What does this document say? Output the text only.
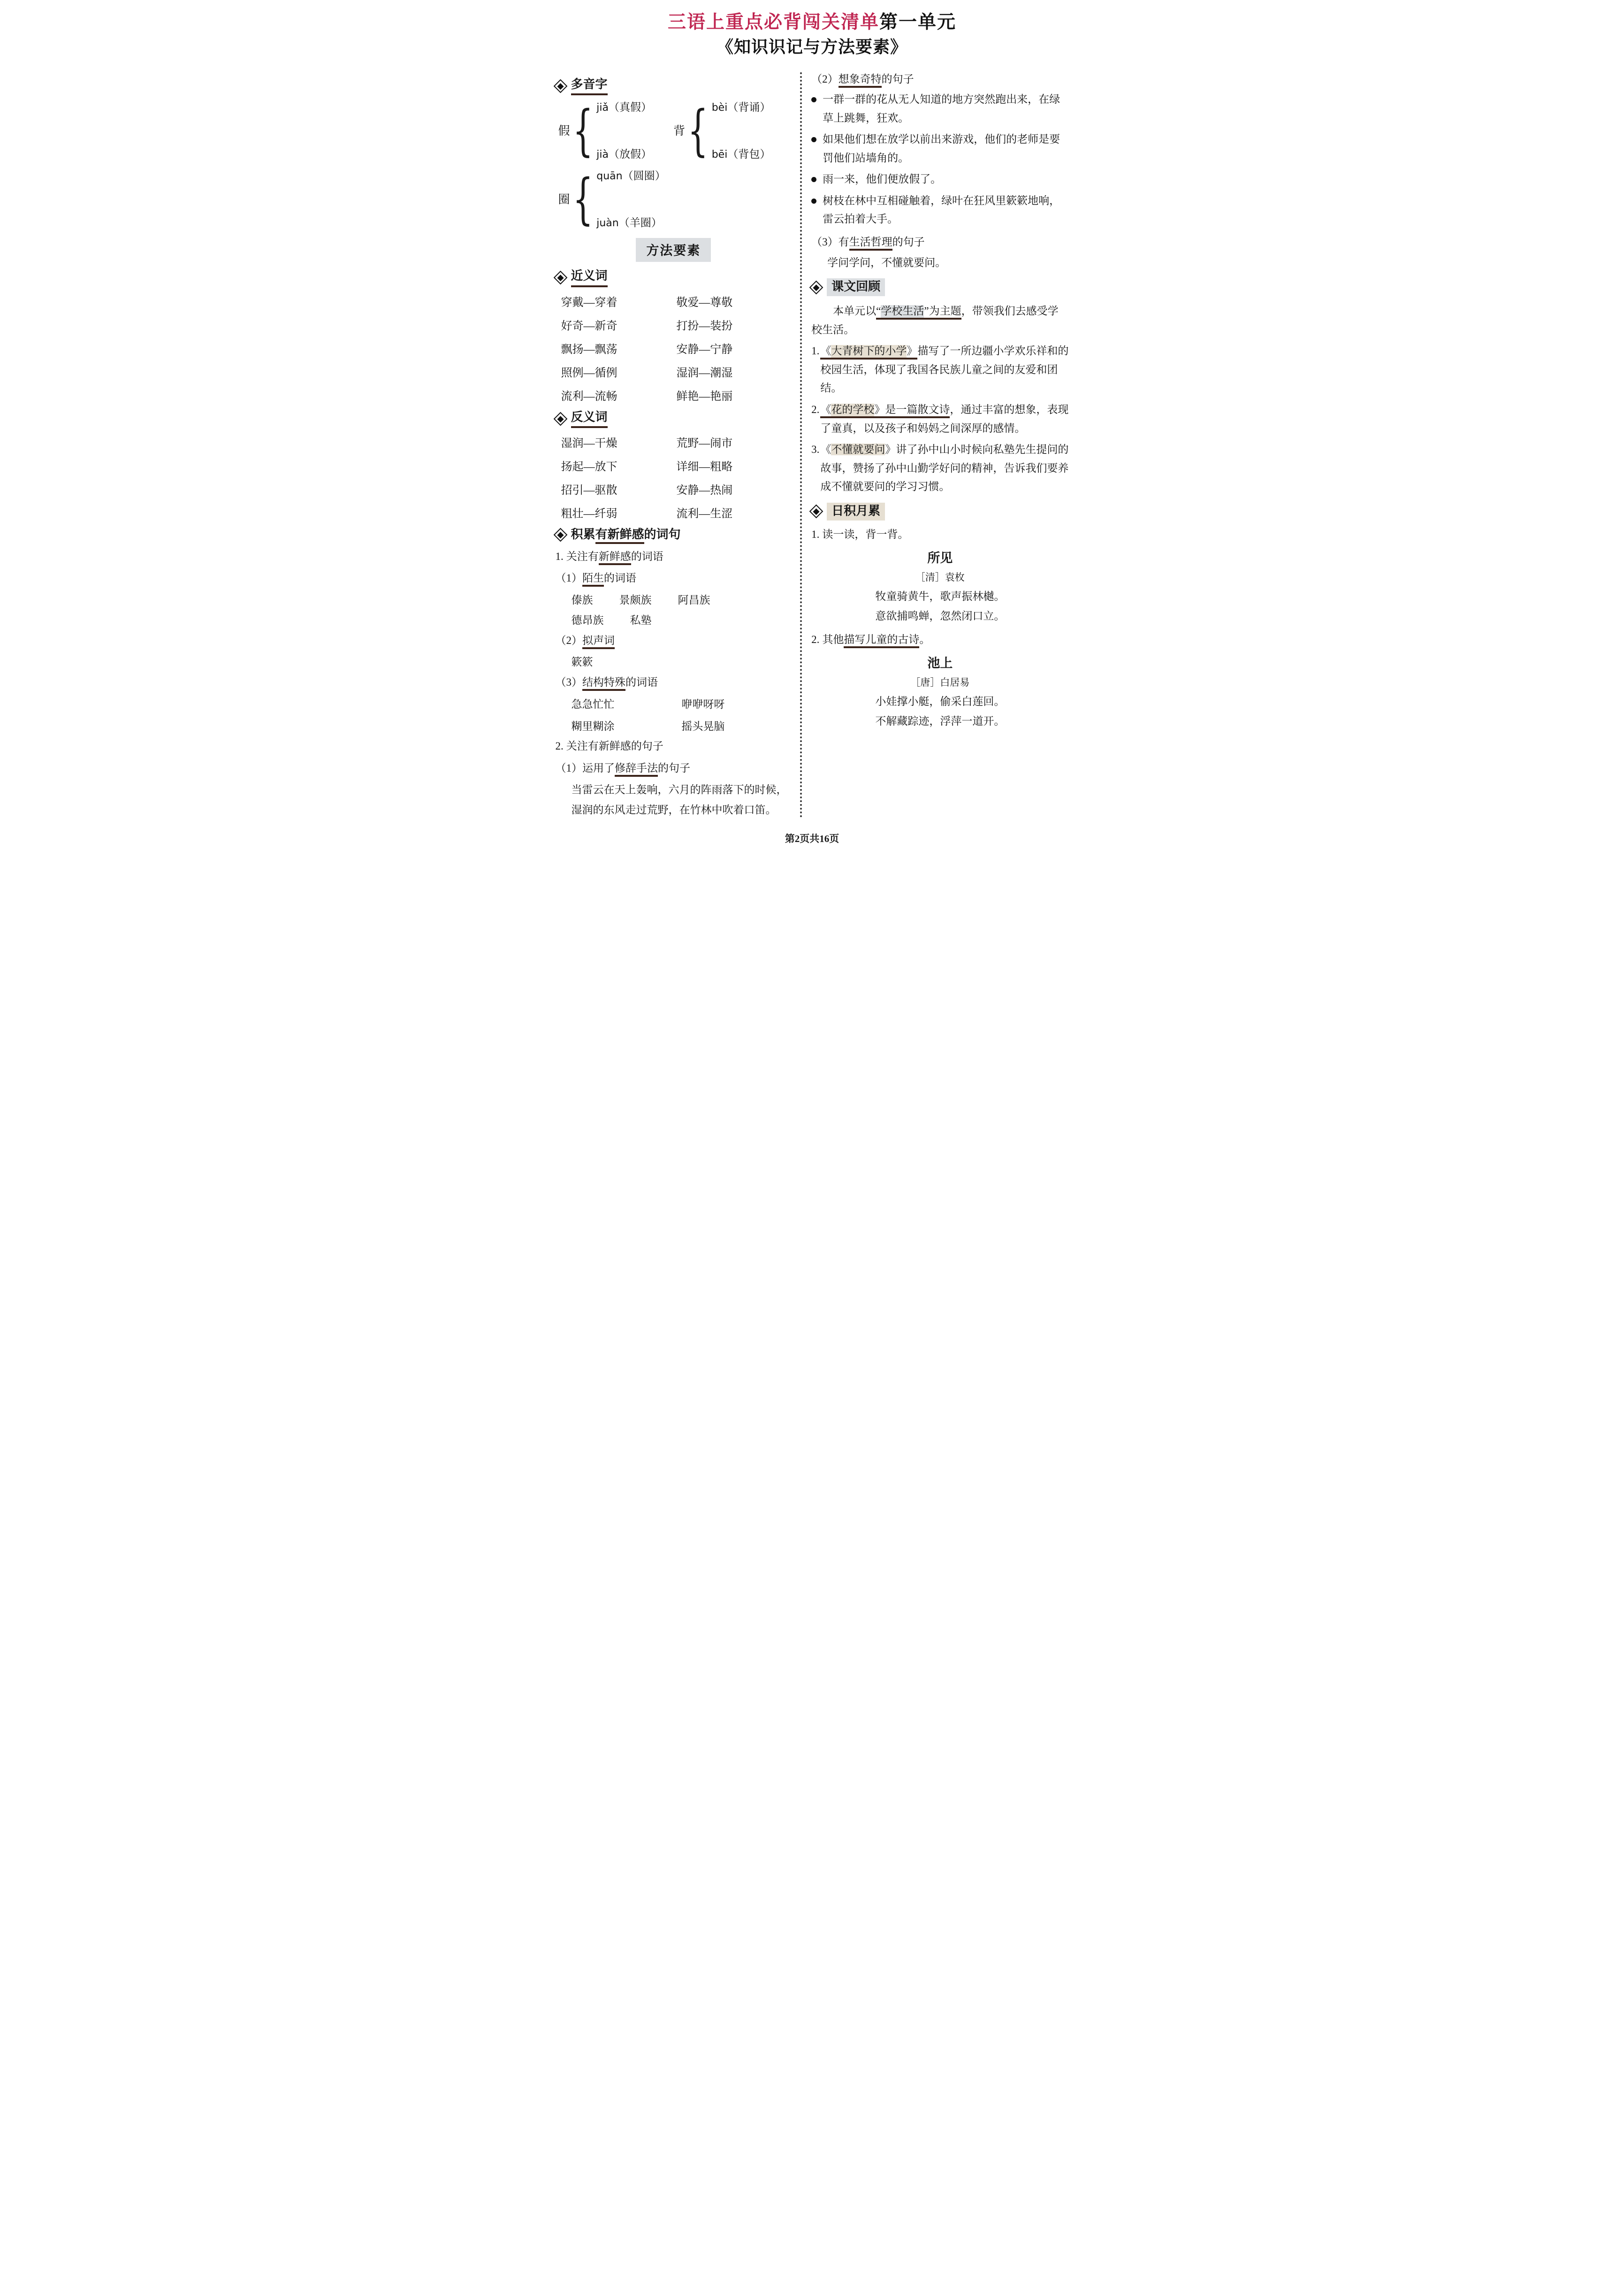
三语上重点必背闯关清单第一单元
《知识识记与方法要素》
多音字
假 { jiǎ（真假）
jià（放假）
背 { bèi（背诵）
bēi（背包）
圈 { quān（圆圈）
juàn（羊圈）
方法要素
近义词
穿戴—穿着	敬爱—尊敬
好奇—新奇	打扮—装扮
飘扬—飘荡	安静—宁静
照例—循例	湿润—潮湿
流利—流畅	鲜艳—艳丽
反义词
湿润—干燥	荒野—闹市
扬起—放下	详细—粗略
招引—驱散	安静—热闹
粗壮—纤弱	流利—生涩
积累有新鲜感的词句
1. 关注有新鲜感的词语
（1） 陌生的词语
傣族 景颇族 阿昌族
德昂族 私塾
（2） 拟声词
簌簌
（3） 结构特殊的词语
急急忙忙	咿咿呀呀
糊里糊涂	摇头晃脑
2. 关注有新鲜感的句子
（1） 运用了修辞手法的句子
当雷云在天上轰响，六月的阵雨落下的时候，湿润的东风走过荒野，在竹林中吹着口笛。
（2） 想象奇特的句子

一群一群的花从无人知道的地方突然跑出来，在绿草上跳舞，狂欢。

如果他们想在放学以前出来游戏，他们的老师是要罚他们站墙角的。

雨一来，他们便放假了。

树枝在林中互相碰触着，绿叶在狂风里簌簌地响，雷云拍着大手。

（3） 有生活哲理的句子
学问学问，不懂就要问。
课文回顾

本单元以“学校生活”为主题，带领我们去感受学校生活。

1. 《大青树下的小学》描写了一所边疆小学欢乐祥和的校园生活，体现了我国各民族儿童之间的友爱和团结。

2. 《花的学校》是一篇散文诗，通过丰富的想象，表现了童真，以及孩子和妈妈之间深厚的感情。

3. 《不懂就要问》讲了孙中山小时候向私塾先生提问的故事，赞扬了孙中山勤学好问的精神，告诉我们要养成不懂就要问的学习习惯。

日积月累
1. 读一读，背一背。
所见
［清］袁枚
牧童骑黄牛，歌声振林樾。
意欲捕鸣蝉，忽然闭口立。
2. 其他描写儿童的古诗。
池上
［唐］白居易
小娃撑小艇，偷采白莲回。
不解藏踪迹，浮萍一道开。
第2页共16页
